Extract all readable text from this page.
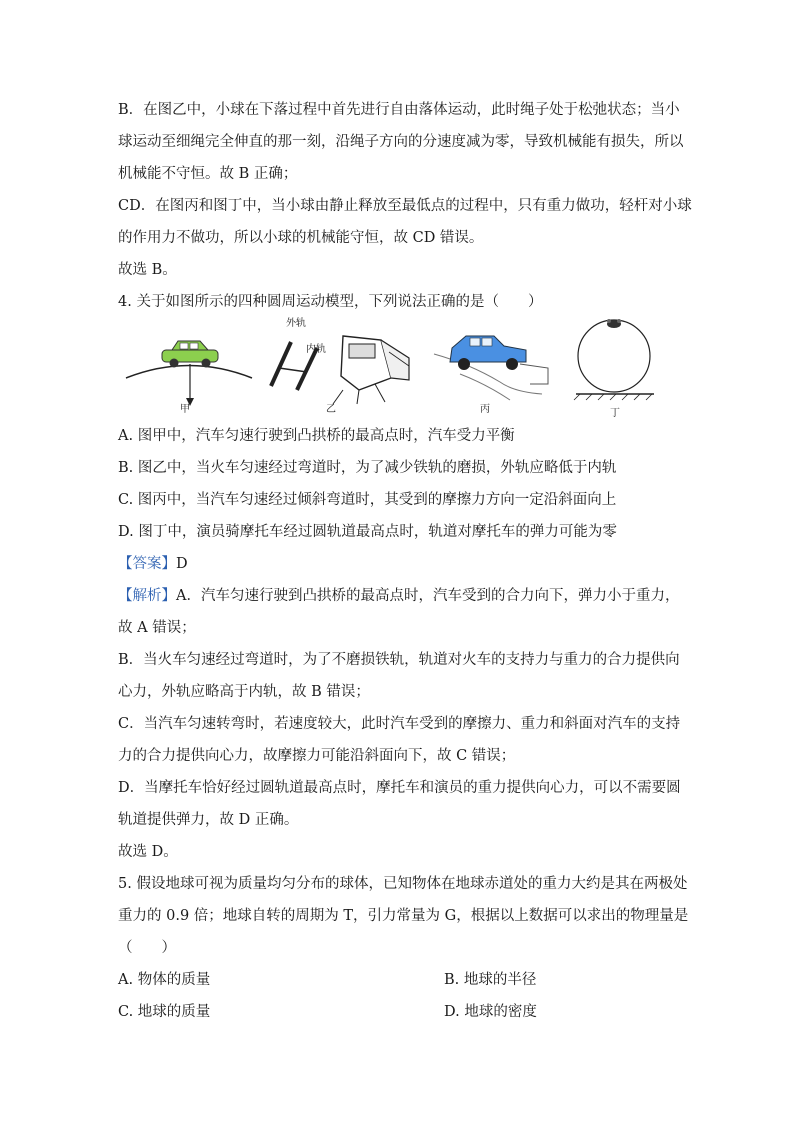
B．在图乙中，小球在下落过程中首先进行自由落体运动，此时绳子处于松弛状态；当小
球运动至细绳完全伸直的那一刻，沿绳子方向的分速度减为零，导致机械能有损失，所以
机械能不守恒。故 B 正确；
CD．在图丙和图丁中，当小球由静止释放至最低点的过程中，只有重力做功，轻杆对小球
的作用力不做功，所以小球的机械能守恒，故 CD 错误。
故选 B。
4. 关于如图所示的四种圆周运动模型，下列说法正确的是（　　）
甲
外轨
内轨
乙	丙	丁
A. 图甲中，汽车匀速行驶到凸拱桥的最高点时，汽车受力平衡
B. 图乙中，当火车匀速经过弯道时，为了减少铁轨的磨损，外轨应略低于内轨
C. 图丙中，当汽车匀速经过倾斜弯道时，其受到的摩擦力方向一定沿斜面向上
D. 图丁中，演员骑摩托车经过圆轨道最高点时，轨道对摩托车的弹力可能为零
【答案】D
【解析】A．汽车匀速行驶到凸拱桥的最高点时，汽车受到的合力向下，弹力小于重力，
故 A 错误；
B．当火车匀速经过弯道时，为了不磨损铁轨，轨道对火车的支持力与重力的合力提供向
心力，外轨应略高于内轨，故 B 错误；
C．当汽车匀速转弯时，若速度较大，此时汽车受到的摩擦力、重力和斜面对汽车的支持
力的合力提供向心力，故摩擦力可能沿斜面向下，故 C 错误；
D．当摩托车恰好经过圆轨道最高点时，摩托车和演员的重力提供向心力，可以不需要圆
轨道提供弹力，故 D 正确。
故选 D。
5. 假设地球可视为质量均匀分布的球体，已知物体在地球赤道处的重力大约是其在两极处
重力的 0.9 倍；地球自转的周期为 T，引力常量为 G，根据以上数据可以求出的物理量是
（　　）
A. 物体的质量	B. 地球的半径
C. 地球的质量	D. 地球的密度
